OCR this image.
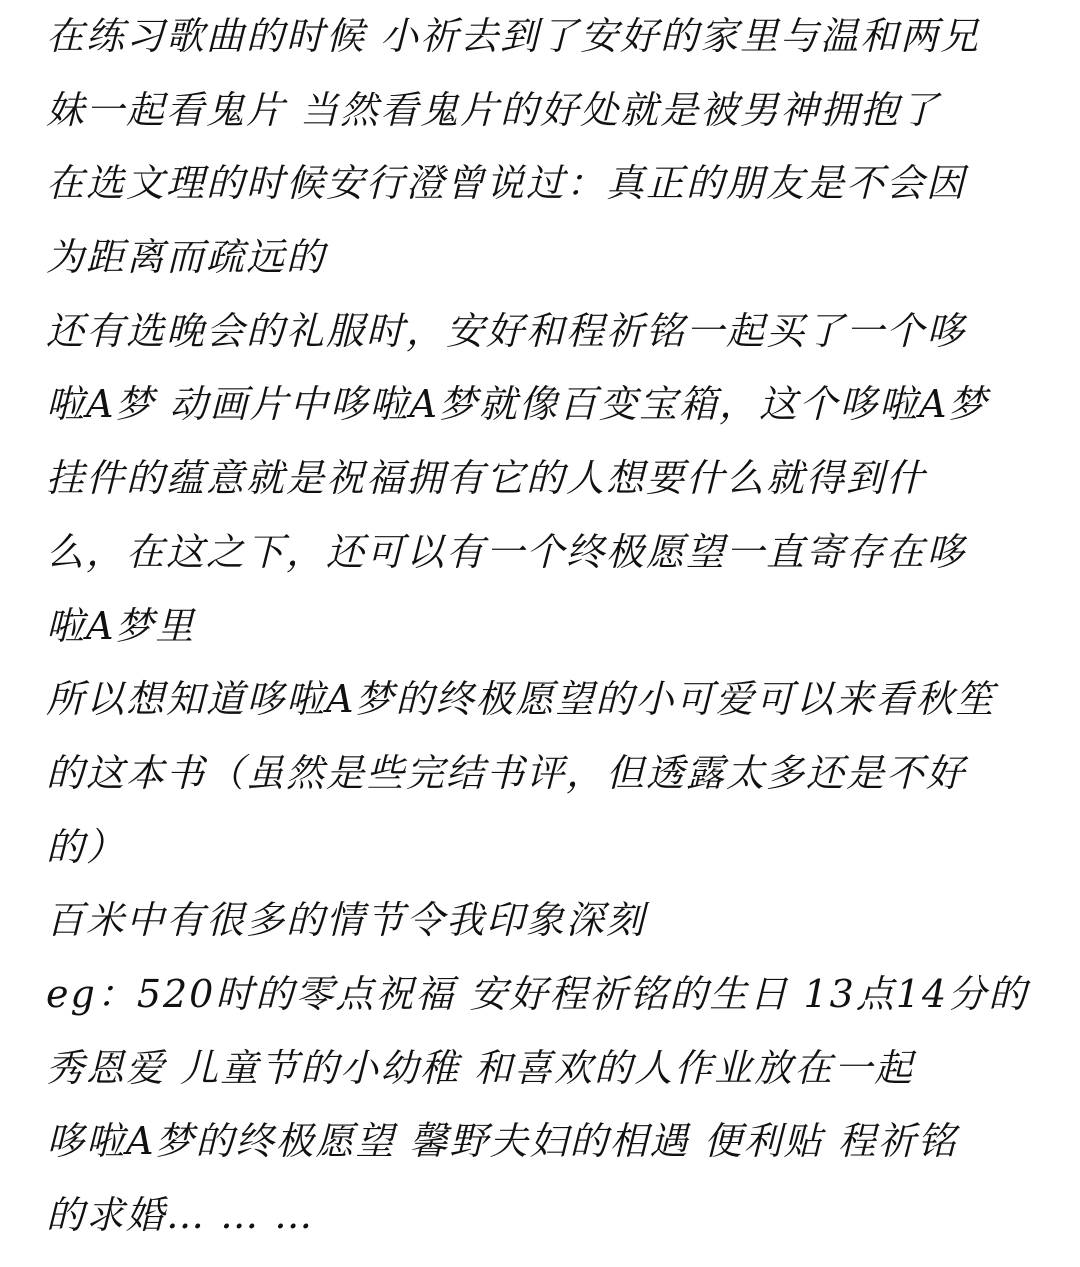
在练习歌曲的时候 小祈去到了安好的家里与温和两兄
妹一起看鬼片 当然看鬼片的好处就是被男神拥抱了
在选文理的时候安行澄曾说过：真正的朋友是不会因
为距离而疏远的
还有选晚会的礼服时，安好和程祈铭一起买了一个哆
啦A梦 动画片中哆啦A梦就像百变宝箱，这个哆啦A梦
挂件的蕴意就是祝福拥有它的人想要什么就得到什
么，在这之下，还可以有一个终极愿望一直寄存在哆
啦A梦里
所以想知道哆啦A梦的终极愿望的小可爱可以来看秋笙
的这本书（虽然是些完结书评，但透露太多还是不好
的）
百米中有很多的情节令我印象深刻
eg：520时的零点祝福 安好程祈铭的生日 13点14分的
秀恩爱 儿童节的小幼稚 和喜欢的人作业放在一起
哆啦A梦的终极愿望 馨野夫妇的相遇 便利贴 程祈铭
的求婚… … …
